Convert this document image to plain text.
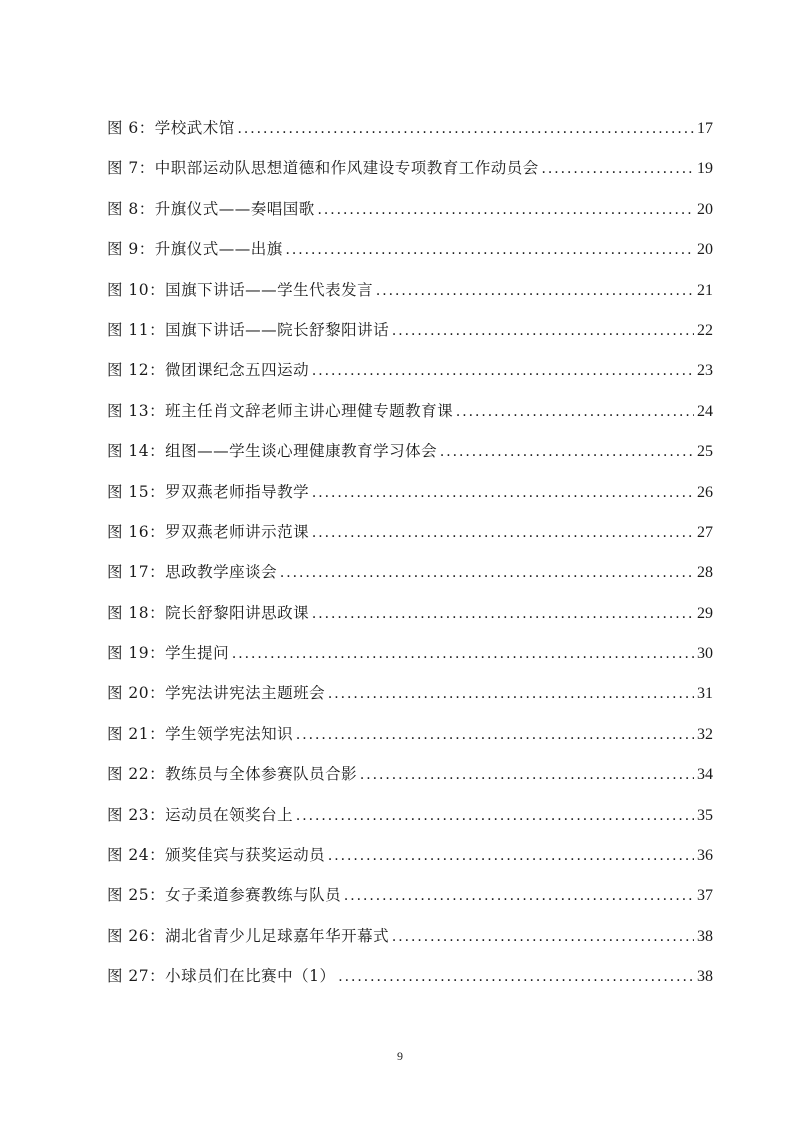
图 6：学校武术馆 .....	17
图 7：中职部运动队思想道德和作风建设专项教育工作动员会 .....	19
图 8：升旗仪式——奏唱国歌 .....	20
图 9：升旗仪式——出旗 .....	20
图 10：国旗下讲话——学生代表发言 .....	21
图 11：国旗下讲话——院长舒黎阳讲话 .....	22
图 12：微团课纪念五四运动 .....	23
图 13：班主任肖文辞老师主讲心理健专题教育课 .....	24
图 14：组图——学生谈心理健康教育学习体会 .....	25
图 15：罗双燕老师指导教学 .....	26
图 16：罗双燕老师讲示范课 .....	27
图 17：思政教学座谈会 .....	28
图 18：院长舒黎阳讲思政课 .....	29
图 19：学生提问 .....	30
图 20：学宪法讲宪法主题班会 .....	31
图 21：学生领学宪法知识 .....	32
图 22：教练员与全体参赛队员合影 .....	34
图 23：运动员在领奖台上 .....	35
图 24：颁奖佳宾与获奖运动员 .....	36
图 25：女子柔道参赛教练与队员 .....	37
图 26：湖北省青少儿足球嘉年华开幕式 .....	38
图 27：小球员们在比赛中（1） .....	38
9
